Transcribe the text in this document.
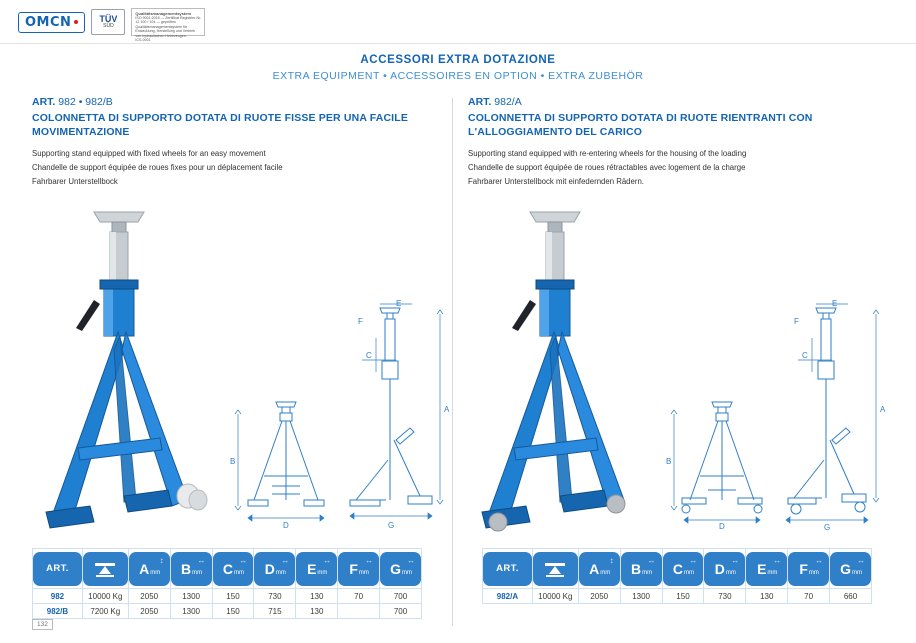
OMCN	TÜV
SÜD
Qualitätsmanagementsystem
ISO 9001:2015 — Zertifikat Registrier-Nr. 12 100 / 104 — geprüftes Qualitätsmanagementsystem für Entwicklung, Herstellung und Vertrieb von hydraulischen Hebezeugen.
ICS-0001
ACCESSORI EXTRA DOTAZIONE
EXTRA EQUIPMENT • ACCESSOIRES EN OPTION • EXTRA ZUBEHÖR
ART. 982 • 982/B
COLONNETTA DI SUPPORTO DOTATA DI RUOTE FISSE PER UNA FACILE MOVIMENTAZIONE
Supporting stand equipped with fixed wheels for an easy movement
Chandelle de support équipée de roues fixes pour un déplacement facile
Fahrbarer Unterstellbock
B
D
E
F
C
A
G
ART. 982/A
COLONNETTA DI SUPPORTO DOTATA DI RUOTE RIENTRANTI CON L'ALLOGGIAMENTO DEL CARICO
Supporting stand equipped with re-entering wheels for the housing of the loading
Chandelle de support équipée de roues rétractables avec logement de la charge
Fahrbarer Unterstellbock mit einfedernden Rädern.
B
D
E
F
C
A
G
ART.		A mm
↕	B mm
↔	C mm
↔	D mm
↔	E mm
↔	F mm
↔	G mm
↔

982	10000 Kg	2050	1300	150	730	130	70	700
982/B	7200 Kg	2050	1300	150	715	130		700
ART.		A mm
↕	B mm
↔	C mm
↔	D mm
↔	E mm
↔	F mm
↔	G mm
↔

982/A	10000 Kg	2050	1300	150	730	130	70	660
132
